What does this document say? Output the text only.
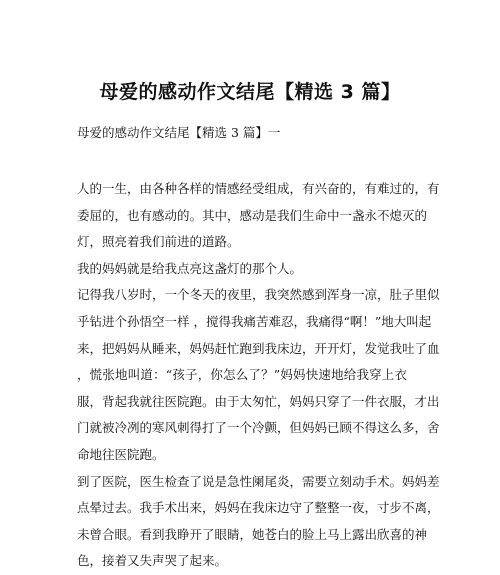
母爱的感动作文结尾【精选 3 篇】
母爱的感动作文结尾【精选 3 篇】一
人的一生，由各种各样的情感经受组成，有兴奋的，有难过的，有
委屈的，也有感动的。其中，感动是我们生命中一盏永不熄灭的
灯，照亮着我们前进的道路。
我的妈妈就是给我点亮这盏灯的那个人。
记得我八岁时，一个冬天的夜里，我突然感到浑身一凉，肚子里似
乎钻进个孙悟空一样 ，搅得我痛苦难忍，我痛得“啊！”地大叫起
来，把妈妈从睡来，妈妈赶忙跑到我床边，开开灯，发觉我吐了血
，慌张地叫道：“孩子，你怎么了？”妈妈快速地给我穿上衣
服，背起我就往医院跑。由于太匆忙，妈妈只穿了一件衣服，才出
门就被冷冽的寒风刺得打了一个冷颤，但妈妈已顾不得这么多，舍
命地往医院跑。
到了医院，医生检查了说是急性阑尾炎，需要立刻动手术。妈妈差
点晕过去。我手术出来，妈妈在我床边守了整整一夜，寸步不离，
未曾合眼。看到我睁开了眼睛，她苍白的脸上马上露出欣喜的神
色，接着又失声哭了起来。
